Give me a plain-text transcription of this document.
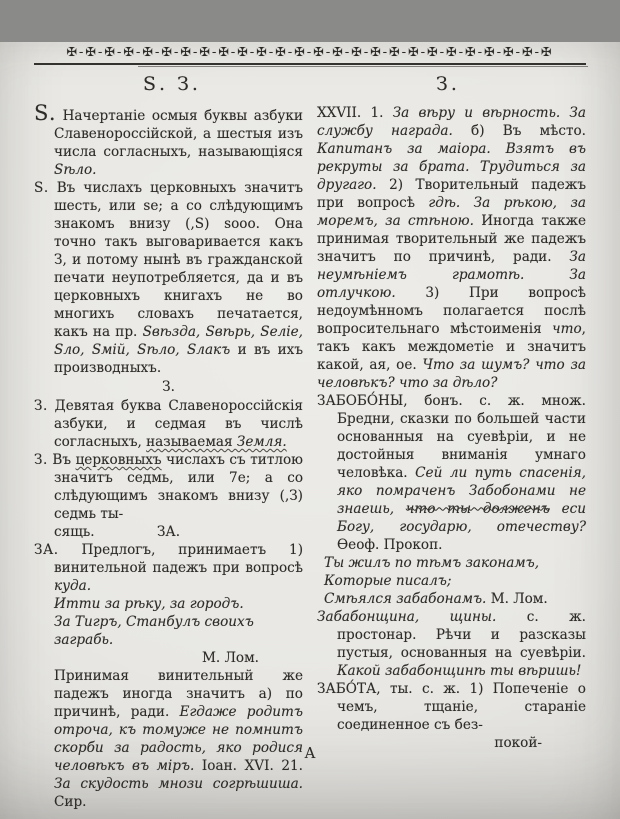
✠-✠-✠-✠-✠-✠-✠-✠-✠-✠-✠-✠-✠-✠-✠-✠-✠-✠-✠-✠-✠-✠-✠-✠-✠-✠
Ѕ. З.	З.
Ѕ. Начертаніе осмыя буквы азбуки Славенороссійской, а шестыя изъ числа согласныхъ, называющіяся Ѕѣло.
Ѕ. Въ числахъ церковныхъ значитъ шесть, или ѕе; а со слѣдующимъ знакомъ внизу (‚Ѕ) ѕооо. Она точно такъ выговаривается какъ З, и потому нынѣ въ гражданской печати неупотребляется, да и въ церковныхъ книгахъ не во многихъ словахъ печатается, какъ на пр. Ѕвѣзда, Ѕвѣрь, Ѕеліе, Ѕло, Ѕмій, Ѕѣло, Ѕлакъ и въ ихъ производныхъ.
З.
З. Девятая буква Славенороссійскія азбуки, и седмая въ числѣ согласныхъ, называемая Земля.
З. Въ церковныхъ числахъ съ титлою значитъ седмь, или 7е; а со слѣдующимъ знакомъ внизу (‚З) седмь ты-
сящь.	ЗА.
ЗА. Предлогъ, принимаетъ 1) винительной падежъ при вопросѣ куда.
Итти за рѣку, за городъ.
За Тигръ, Станбулъ своихъ заграбь.
М. Лом.
Принимая винительный же падежъ иногда значитъ а) по причинѣ, ради. Егдаже родитъ отроча, къ томуже не помнитъ скорби за радость, яко родися человѣкъ въ міръ. Іоан. XVI. 21. За скудость мнози согрѣшиша. Сир.
XXVII. 1. За вѣру и вѣрность. За службу награда. б) Въ мѣсто. Капитанъ за маіора. Взятъ въ рекруты за брата. Трудиться за другаго. 2) Творительный падежъ при вопросѣ гдѣ. За рѣкою, за моремъ, за стѣною. Иногда также принимая творительный же падежъ значитъ по причинѣ, ради. За неумѣніемъ грамотѣ. За отлучкою. 3) При вопросѣ недоумѣнномъ полагается послѣ вопросительнаго мѣстоименія что, такъ какъ междометіе и значитъ какой, ая, ое. Что за шумъ? что за человѣкъ? что за дѣло?
ЗАБОБО́НЫ, бонъ. с. ж. множ. Бредни, сказки по большей части основанныя на суевѣріи, и не достойныя вниманія умнаго человѣка. Сей ли путь спасенія, яко помраченъ Забобонами не знаешь, что ты долженъ еси Богу, государю, отечеству? Ѳеоф. Прокоп.
Ты жилъ по тѣмъ законамъ,
Которые писалъ;
Смѣялся забабонамъ. М. Лом.
Забабонщина, щины. с. ж. простонар. Рѣчи и разсказы пустыя, основанныя на суевѣріи. Какой забабонщинѣ ты вѣришь!
ЗАБО́ТА, ты. с. ж. 1) Попеченіе о чемъ, тщаніе, стараніе соединенное съ без-
покой-
А
